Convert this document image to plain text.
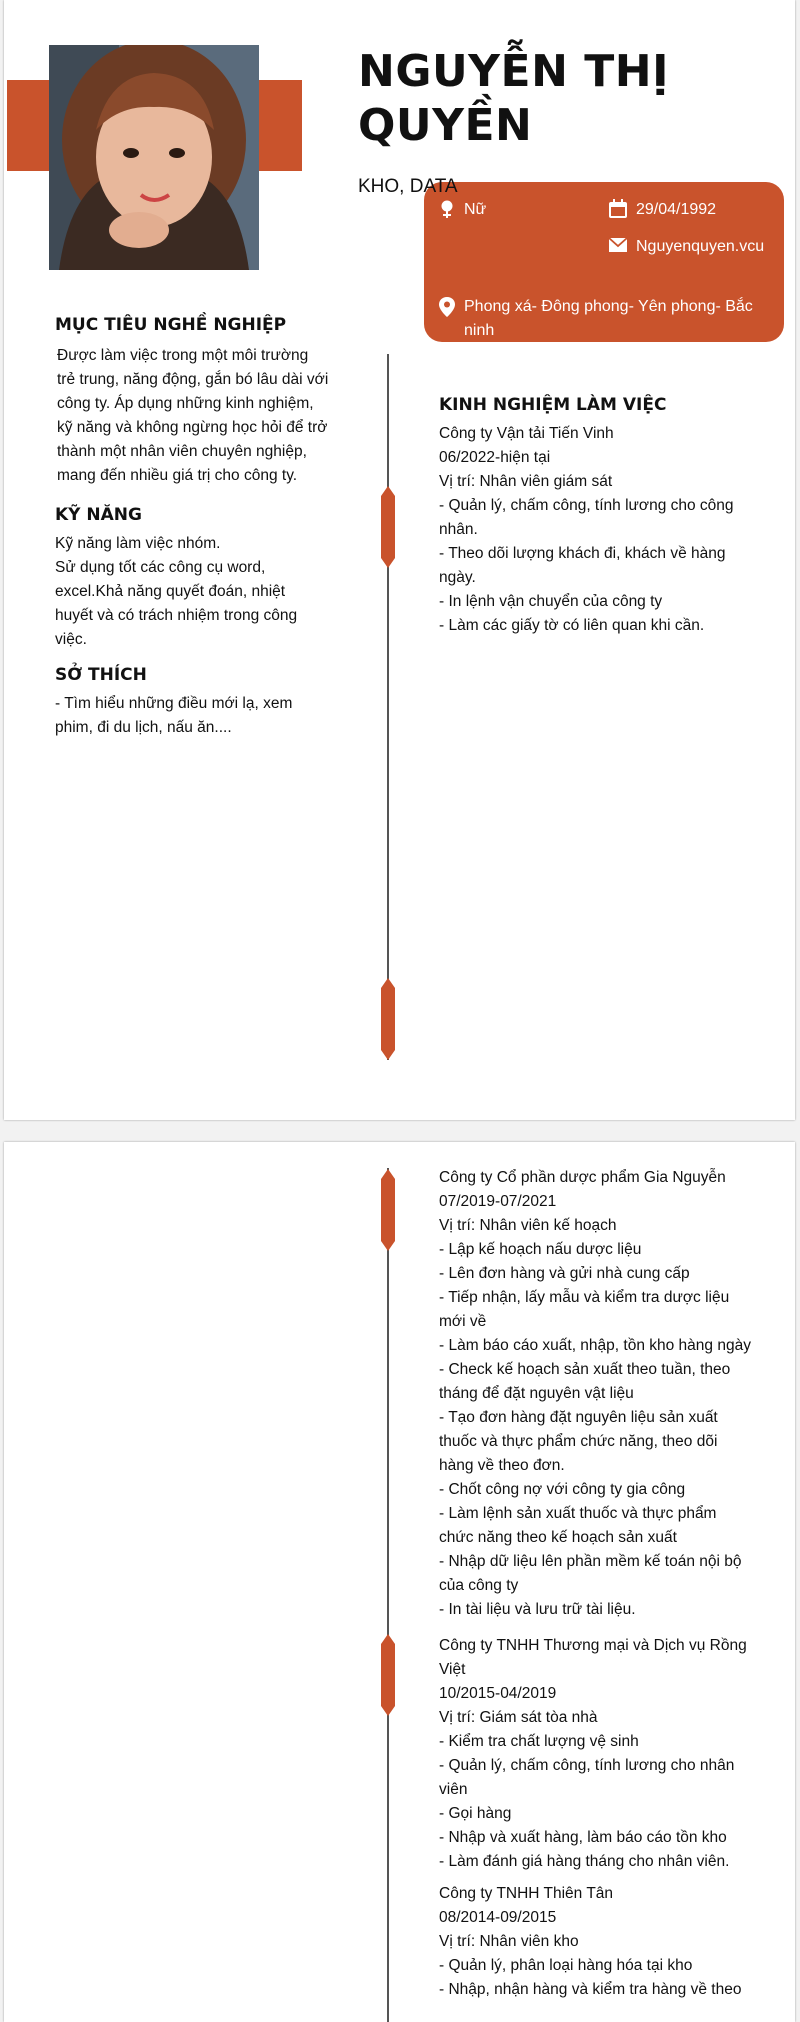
NGUYỄN THỊ
QUYỀN
Nữ	29/04/1992
Nguyenquyen.vcu
Phong xá- Đông phong- Yên phong- Bắc
ninh
KHO, DATA
MỤC TIÊU NGHỀ NGHIỆP
Được làm việc trong một môi trường
trẻ trung, năng động, gắn bó lâu dài với
công ty. Áp dụng những kinh nghiệm,
kỹ năng và không ngừng học hỏi để trở
thành một nhân viên chuyên nghiệp,
mang đến nhiều giá trị cho công ty.
KỸ NĂNG
Kỹ năng làm việc nhóm.
Sử dụng tốt các công cụ word,
excel.Khả năng quyết đoán, nhiệt
huyết và có trách nhiệm trong công
việc.
SỞ THÍCH
- Tìm hiểu những điều mới lạ, xem
phim, đi du lịch, nấu ăn....
KINH NGHIỆM LÀM VIỆC
Công ty Vận tải Tiến Vinh
06/2022-hiện tại
Vị trí: Nhân viên giám sát
- Quản lý, chấm công, tính lương cho công
nhân.
- Theo dõi lượng khách đi, khách về hàng
ngày.
- In lệnh vận chuyển của công ty
- Làm các giấy tờ có liên quan khi cần.
Công ty Cổ phần dược phẩm Gia Nguyễn
07/2019-07/2021
Vị trí: Nhân viên kế hoạch
- Lập kế hoạch nấu dược liệu
- Lên đơn hàng và gửi nhà cung cấp
- Tiếp nhận, lấy mẫu và kiểm tra dược liệu
mới về
- Làm báo cáo xuất, nhập, tồn kho hàng ngày
- Check kế hoạch sản xuất theo tuần, theo
tháng để đặt nguyên vật liệu
- Tạo đơn hàng đặt nguyên liệu sản xuất
thuốc và thực phẩm chức năng, theo dõi
hàng về theo đơn.
- Chốt công nợ với công ty gia công
- Làm lệnh sản xuất thuốc và thực phẩm
chức năng theo kế hoạch sản xuất
- Nhập dữ liệu lên phần mềm kế toán nội bộ
của công ty
- In tài liệu và lưu trữ tài liệu.
Công ty TNHH Thương mại và Dịch vụ Rồng
Việt
10/2015-04/2019
Vị trí: Giám sát tòa nhà
- Kiểm tra chất lượng vệ sinh
- Quản lý, chấm công, tính lương cho nhân
viên
- Gọi hàng
- Nhập và xuất hàng, làm báo cáo tồn kho
- Làm đánh giá hàng tháng cho nhân viên.
Công ty TNHH Thiên Tân
08/2014-09/2015
Vị trí: Nhân viên kho
- Quản lý, phân loại hàng hóa tại kho
- Nhập, nhận hàng và kiểm tra hàng về theo
